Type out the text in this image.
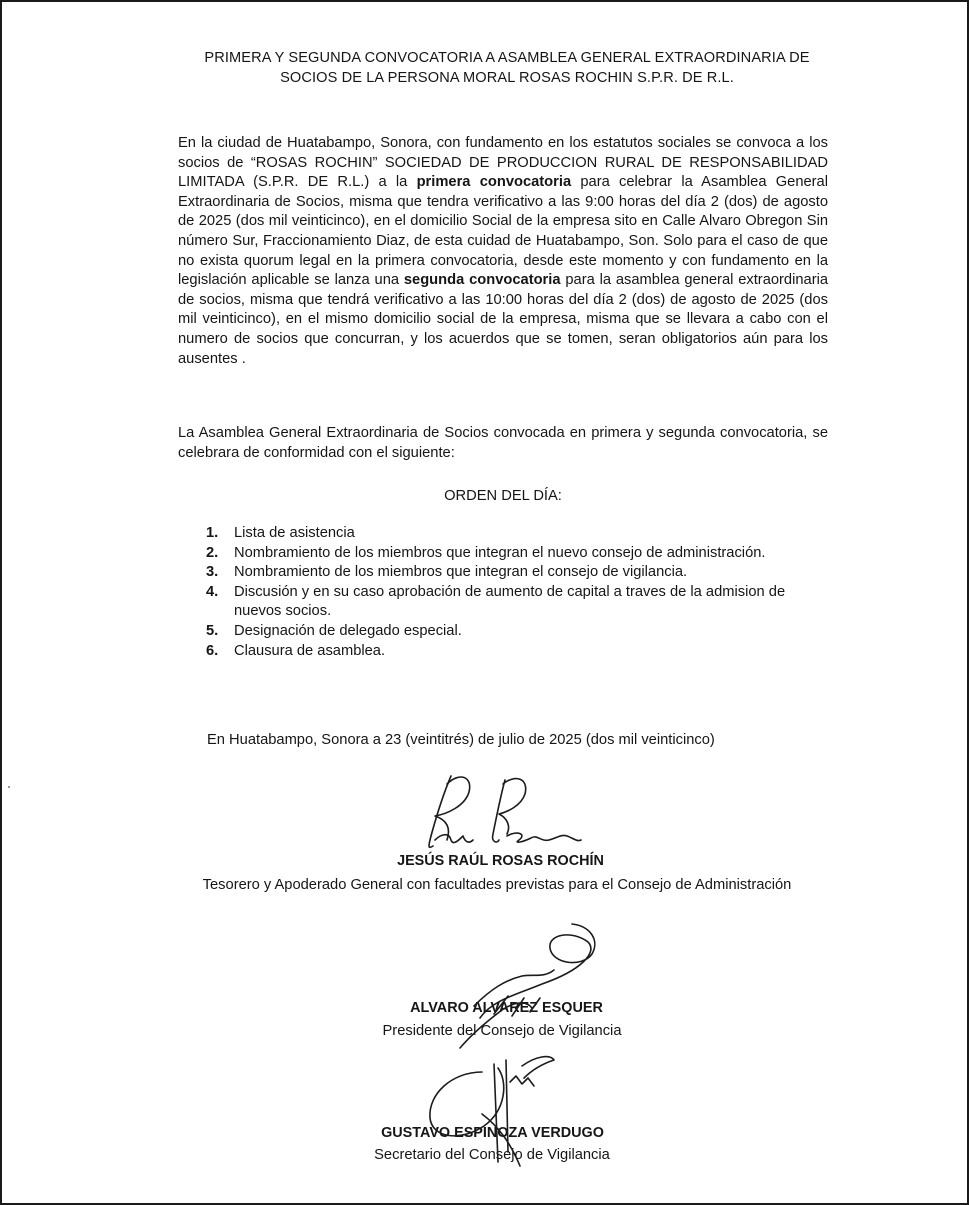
PRIMERA Y SEGUNDA CONVOCATORIA A ASAMBLEA GENERAL EXTRAORDINARIA DE
SOCIOS DE LA PERSONA MORAL ROSAS ROCHIN S.P.R. DE R.L.

En la ciudad de Huatabampo, Sonora, con fundamento en los estatutos sociales se convoca a los socios de “ROSAS ROCHIN” SOCIEDAD DE PRODUCCION RURAL DE RESPONSABILIDAD LIMITADA (S.P.R. DE R.L.) a la primera convocatoria para celebrar la Asamblea General Extraordinaria de Socios, misma que tendra verificativo a las 9:00 horas del día 2 (dos) de agosto de 2025 (dos mil veinticinco), en el domicilio Social de la empresa sito en Calle Alvaro Obregon Sin número Sur, Fraccionamiento Diaz, de esta cuidad de Huatabampo, Son. Solo para el caso de que no exista quorum legal en la primera convocatoria, desde este momento y con fundamento en la legislación aplicable se lanza una segunda convocatoria para la asamblea general extraordinaria de socios, misma que tendrá verificativo a las 10:00 horas del día 2 (dos) de agosto de 2025 (dos mil veinticinco), en el mismo domicilio social de la empresa, misma que se llevara a cabo con el numero de socios que concurran, y los acuerdos que se tomen, seran obligatorios aún para los ausentes .

La Asamblea General Extraordinaria de Socios convocada en primera y segunda convocatoria, se celebrara de conformidad con el siguiente:

ORDEN DEL DÍA:

1. Lista de asistencia
2. Nombramiento de los miembros que integran el nuevo consejo de administración.
3. Nombramiento de los miembros que integran el consejo de vigilancia.
4. Discusión y en su caso aprobación de aumento de capital a traves de la admision de nuevos socios.
5. Designación de delegado especial.
6. Clausura de asamblea.

En Huatabampo, Sonora a 23 (veintitrés) de julio de 2025 (dos mil veinticinco)

JESÚS RAÚL ROSAS ROCHÍN

Tesorero y Apoderado General con facultades previstas para el Consejo de Administración

ALVARO ALVAREZ ESQUER

Presidente del Consejo de Vigilancia

GUSTAVO ESPINOZA VERDUGO

Secretario del Consejo de Vigilancia
